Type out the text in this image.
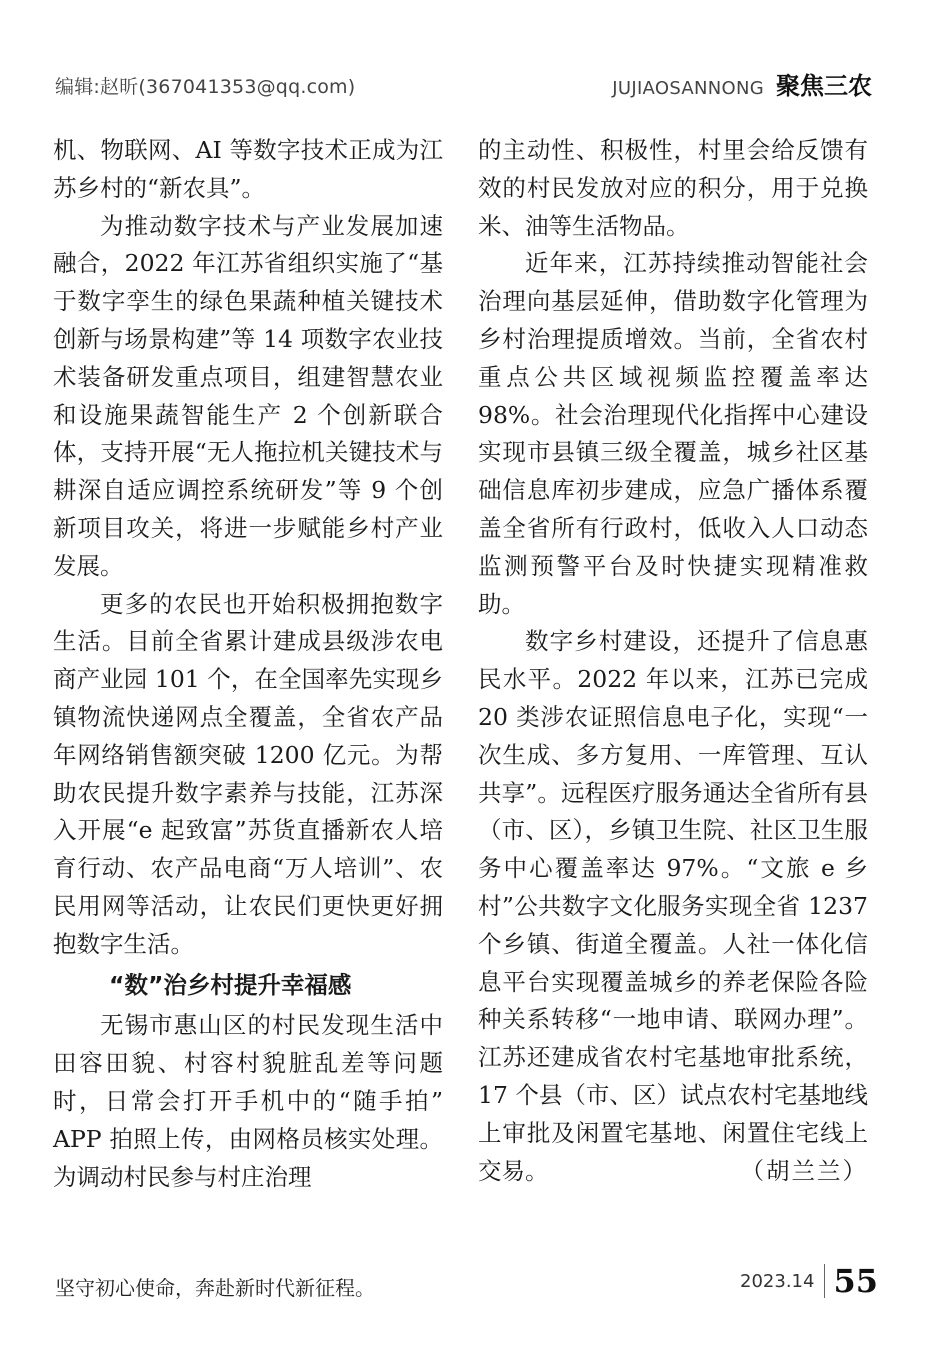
编辑:赵昕(367041353@qq.com)	JUJIAOSANNONG 聚焦三农

机、物联网、AI 等数字技术正成为江苏乡村的“新农具”。

为推动数字技术与产业发展加速融合，2022 年江苏省组织实施了“基于数字孪生的绿色果蔬种植关键技术创新与场景构建”等 14 项数字农业技术装备研发重点项目，组建智慧农业和设施果蔬智能生产 2 个创新联合体，支持开展“无人拖拉机关键技术与耕深自适应调控系统研发”等 9 个创新项目攻关，将进一步赋能乡村产业发展。

更多的农民也开始积极拥抱数字生活。目前全省累计建成县级涉农电商产业园 101 个，在全国率先实现乡镇物流快递网点全覆盖，全省农产品年网络销售额突破 1200 亿元。为帮助农民提升数字素养与技能，江苏深入开展“e 起致富”苏货直播新农人培育行动、农产品电商“万人培训”、农民用网等活动，让农民们更快更好拥抱数字生活。

“数”治乡村提升幸福感

无锡市惠山区的村民发现生活中田容田貌、村容村貌脏乱差等问题时，日常会打开手机中的“随手拍” APP 拍照上传，由网格员核实处理。为调动村民参与村庄治理

的主动性、积极性，村里会给反馈有效的村民发放对应的积分，用于兑换米、油等生活物品。

近年来，江苏持续推动智能社会治理向基层延伸，借助数字化管理为乡村治理提质增效。当前，全省农村重点公共区域视频监控覆盖率达 98%。社会治理现代化指挥中心建设实现市县镇三级全覆盖，城乡社区基础信息库初步建成，应急广播体系覆盖全省所有行政村，低收入人口动态监测预警平台及时快捷实现精准救助。

数字乡村建设，还提升了信息惠民水平。2022 年以来，江苏已完成 20 类涉农证照信息电子化，实现“一次生成、多方复用、一库管理、互认共享”。远程医疗服务通达全省所有县（市、区），乡镇卫生院、社区卫生服务中心覆盖率达 97%。“文旅 e 乡村”公共数字文化服务实现全省 1237 个乡镇、街道全覆盖。人社一体化信息平台实现覆盖城乡的养老保险各险种关系转移“一地申请、联网办理”。江苏还建成省农村宅基地审批系统，17 个县（市、区）试点农村宅基地线上审批及闲置宅基地、闲置住宅线上交易。	（胡兰兰）

坚守初心使命，奔赴新时代新征程。	2023.14 55
